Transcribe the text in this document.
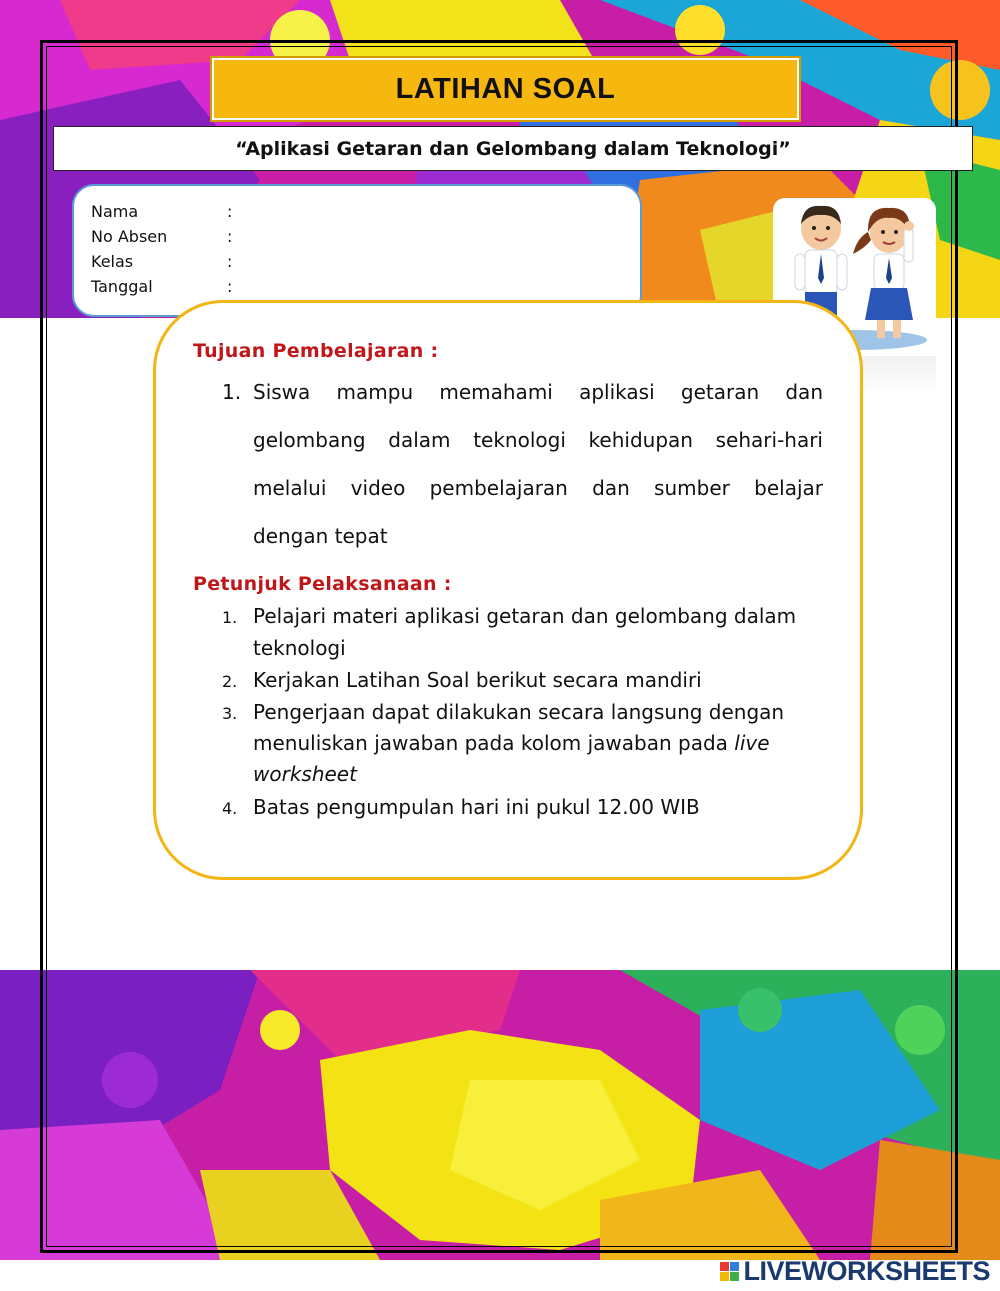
LATIHAN SOAL
“Aplikasi Getaran dan Gelombang dalam Teknologi”
Nama	:
No Absen	:
Kelas	:
Tanggal	:
Tujuan Pembelajaran :
1. Siswa mampu memahami aplikasi getaran dan
gelombang dalam teknologi kehidupan sehari-hari
melalui video pembelajaran dan sumber belajar
dengan tepat
Petunjuk Pelaksanaan :
1. Pelajari materi aplikasi getaran dan gelombang dalam
teknologi
2. Kerjakan Latihan Soal berikut secara mandiri
3. Pengerjaan dapat dilakukan secara langsung dengan
menuliskan jawaban pada kolom jawaban pada live
worksheet
4. Batas pengumpulan hari ini pukul 12.00 WIB
LIVEWORKSHEETS
